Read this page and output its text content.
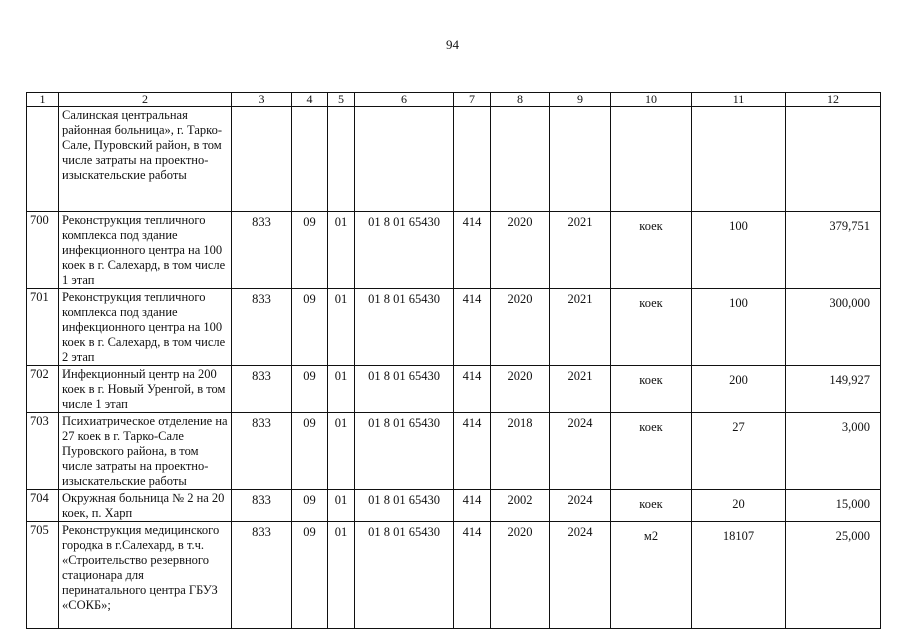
94
1	2	3	4	5	6	7	8	9	10	11	12
	Салинская центральная районная больница», г. Тарко-Сале, Пуровский район, в том числе затраты на проектно-изыскательские работы										
700	Реконструкция тепличного комплекса под здание инфекционного центра на 100 коек в г. Салехард, в том числе 1 этап	833	09	01	01 8 01 65430	414	2020	2021	коек	100	379,751
701	Реконструкция тепличного комплекса под здание инфекционного центра на 100 коек в г. Салехард, в том числе 2 этап	833	09	01	01 8 01 65430	414	2020	2021	коек	100	300,000
702	Инфекционный центр на 200 коек в г. Новый Уренгой, в том числе 1 этап	833	09	01	01 8 01 65430	414	2020	2021	коек	200	149,927
703	Психиатрическое отделение на 27 коек в г. Тарко-Сале Пуровского района, в том числе затраты на проектно-изыскательские работы	833	09	01	01 8 01 65430	414	2018	2024	коек	27	3,000
704	Окружная больница № 2 на 20 коек, п. Харп	833	09	01	01 8 01 65430	414	2002	2024	коек	20	15,000
705	Реконструкция медицинского городка в г.Салехард, в т.ч. «Строительство резервного стационара для перинатального центра ГБУЗ «СОКБ»;	833	09	01	01 8 01 65430	414	2020	2024	м2	18107	25,000
